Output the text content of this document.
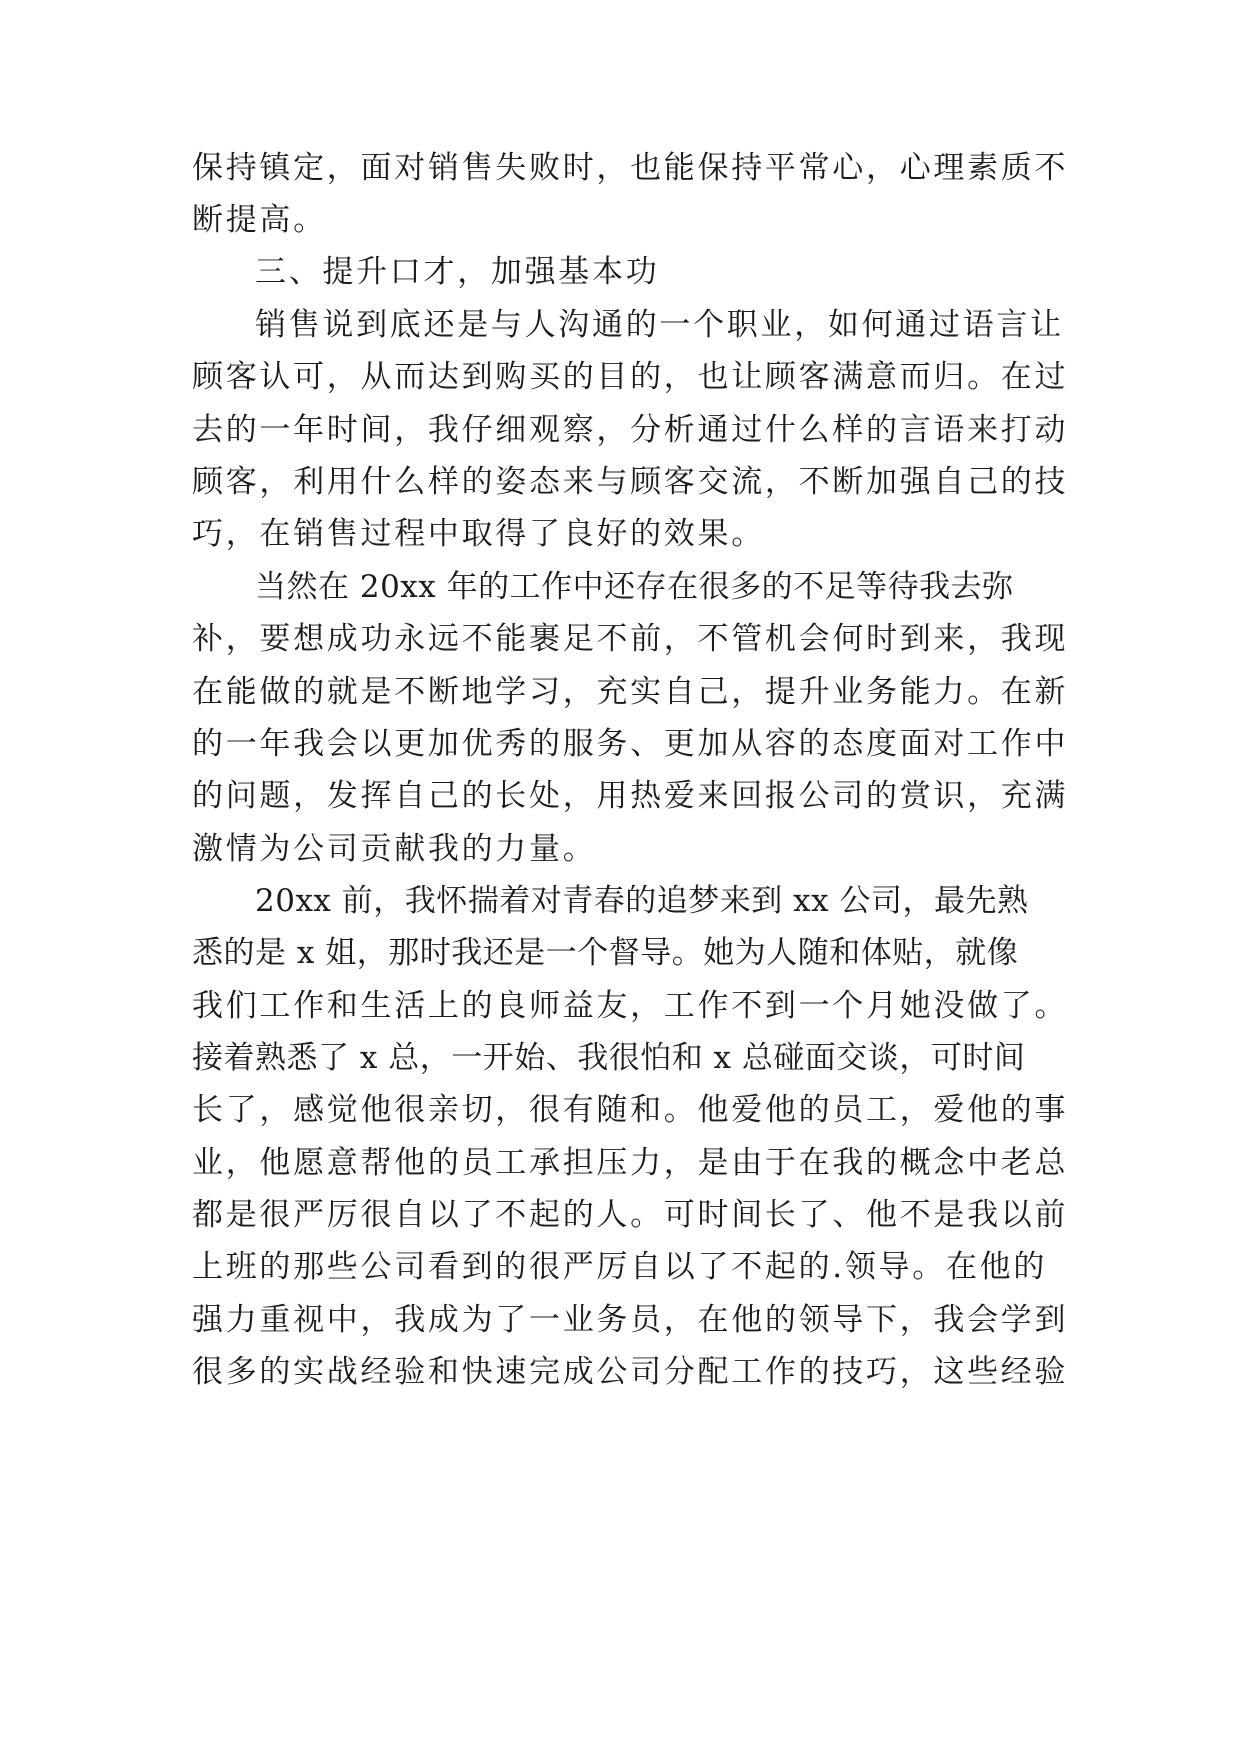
保持镇定，面对销售失败时，也能保持平常心，心理素质不
断提高。
三、提升口才，加强基本功
销售说到底还是与人沟通的一个职业，如何通过语言让
顾客认可，从而达到购买的目的，也让顾客满意而归。在过
去的一年时间，我仔细观察，分析通过什么样的言语来打动
顾客，利用什么样的姿态来与顾客交流，不断加强自己的技
巧，在销售过程中取得了良好的效果。
当然在 20xx 年的工作中还存在很多的不足等待我去弥
补，要想成功永远不能裹足不前，不管机会何时到来，我现
在能做的就是不断地学习，充实自己，提升业务能力。在新
的一年我会以更加优秀的服务、更加从容的态度面对工作中
的问题，发挥自己的长处，用热爱来回报公司的赏识，充满
激情为公司贡献我的力量。
20xx 前，我怀揣着对青春的追梦来到 xx 公司，最先熟
悉的是 x 姐，那时我还是一个督导。她为人随和体贴，就像
我们工作和生活上的良师益友，工作不到一个月她没做了。
接着熟悉了 x 总，一开始、我很怕和 x 总碰面交谈，可时间
长了，感觉他很亲切，很有随和。他爱他的员工，爱他的事
业，他愿意帮他的员工承担压力，是由于在我的概念中老总
都是很严厉很自以了不起的人。可时间长了、他不是我以前
上班的那些公司看到的很严厉自以了不起的.领导。在他的
强力重视中，我成为了一业务员，在他的领导下，我会学到
很多的实战经验和快速完成公司分配工作的技巧，这些经验
